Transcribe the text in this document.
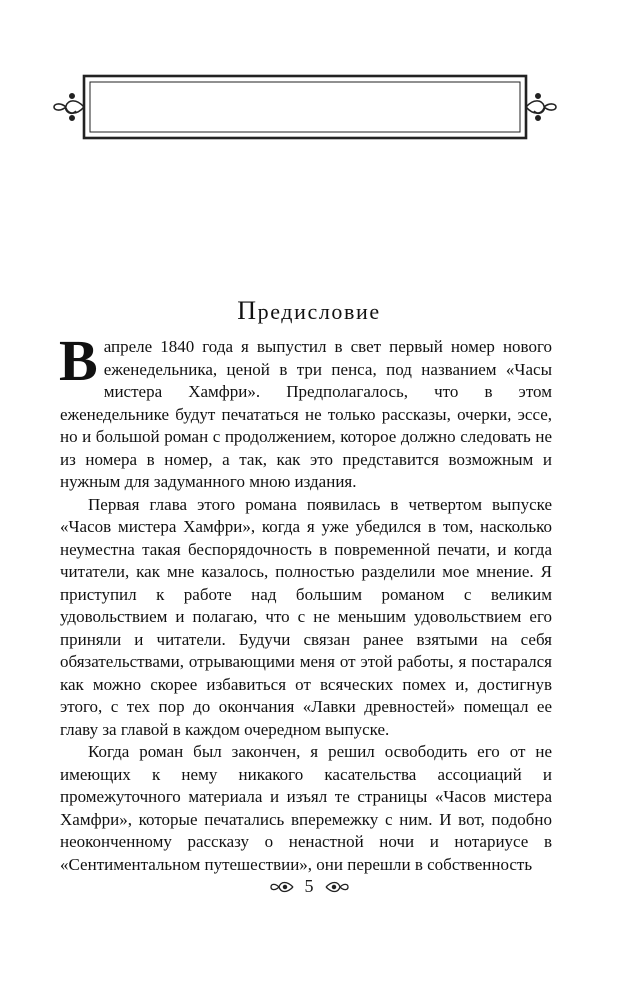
Предисловие

Вапреле 1840 года я выпустил в свет первый номер нового еженедельника, ценой в три пенса, под названием «Часы мистера Хамфри». Предполагалось, что в этом еженедельнике будут печататься не только рассказы, очерки, эссе, но и большой роман с продолжением, которое должно следовать не из номера в номер, а так, как это представится возможным и нужным для задуманного мною издания.

Первая глава этого романа появилась в четвертом выпуске «Часов мистера Хамфри», когда я уже убедился в том, насколько неуместна такая беспорядочность в повременной печати, и когда читатели, как мне казалось, полностью разделили мое мнение. Я приступил к работе над большим романом с великим удовольствием и полагаю, что с не меньшим удовольствием его приняли и читатели. Будучи связан ранее взятыми на себя обязательствами, отрывающими меня от этой работы, я постарался как можно скорее избавиться от всяческих помех и, достигнув этого, с тех пор до окончания «Лавки древностей» помещал ее главу за главой в каждом очередном выпуске.

Когда роман был закончен, я решил освободить его от не имеющих к нему никакого касательства ассоциаций и промежуточного материала и изъял те страницы «Часов мистера Хамфри», которые печатались вперемежку с ним. И вот, подобно неоконченному рассказу о ненастной ночи и нотариусе в «Сентиментальном путешествии», они перешли в собственность

5
